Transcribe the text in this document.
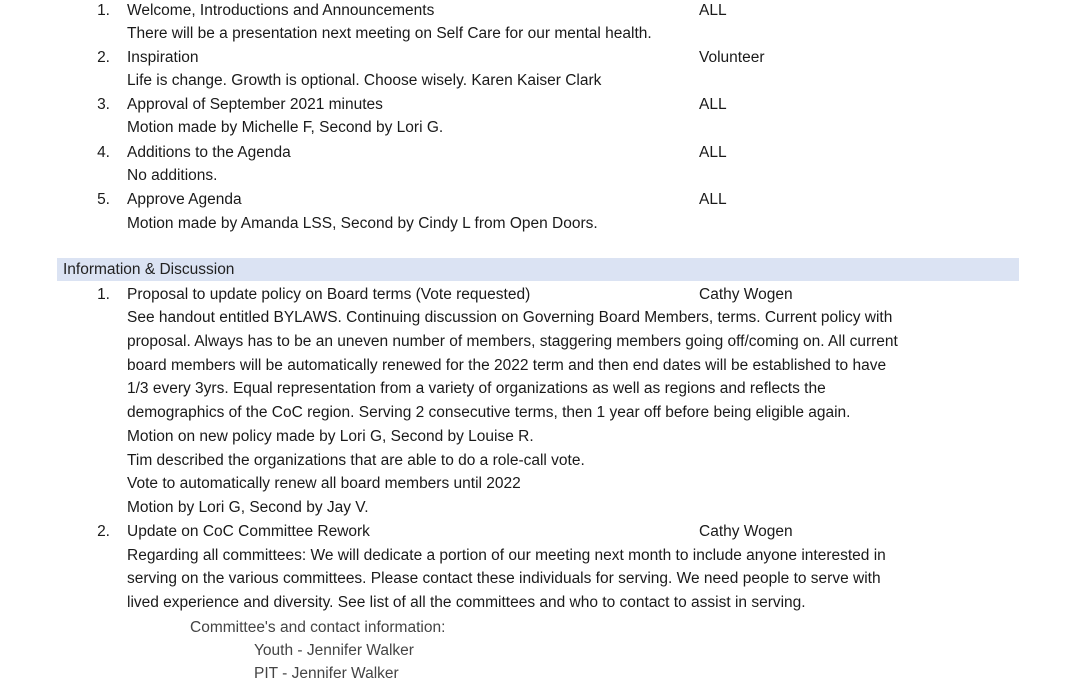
1. Welcome, Introductions and Announcements	ALL
There will be a presentation next meeting on Self Care for our mental health.
2. Inspiration	Volunteer
Life is change. Growth is optional. Choose wisely. Karen Kaiser Clark
3. Approval of September 2021 minutes	ALL
Motion made by Michelle F, Second by Lori G.
4. Additions to the Agenda	ALL
No additions.
5. Approve Agenda	ALL
Motion made by Amanda LSS, Second by Cindy L from Open Doors.
Information & Discussion
1. Proposal to update policy on Board terms (Vote requested)	Cathy Wogen
See handout entitled BYLAWS. Continuing discussion on Governing Board Members, terms. Current policy with
proposal. Always has to be an uneven number of members, staggering members going off/coming on. All current
board members will be automatically renewed for the 2022 term and then end dates will be established to have
1/3 every 3yrs. Equal representation from a variety of organizations as well as regions and reflects the
demographics of the CoC region. Serving 2 consecutive terms, then 1 year off before being eligible again.
Motion on new policy made by Lori G, Second by Louise R.
Tim described the organizations that are able to do a role-call vote.
Vote to automatically renew all board members until 2022
Motion by Lori G, Second by Jay V.
2. Update on CoC Committee Rework	Cathy Wogen
Regarding all committees: We will dedicate a portion of our meeting next month to include anyone interested in
serving on the various committees. Please contact these individuals for serving. We need people to serve with
lived experience and diversity. See list of all the committees and who to contact to assist in serving.
Committee's and contact information:
Youth - Jennifer Walker
PIT - Jennifer Walker
